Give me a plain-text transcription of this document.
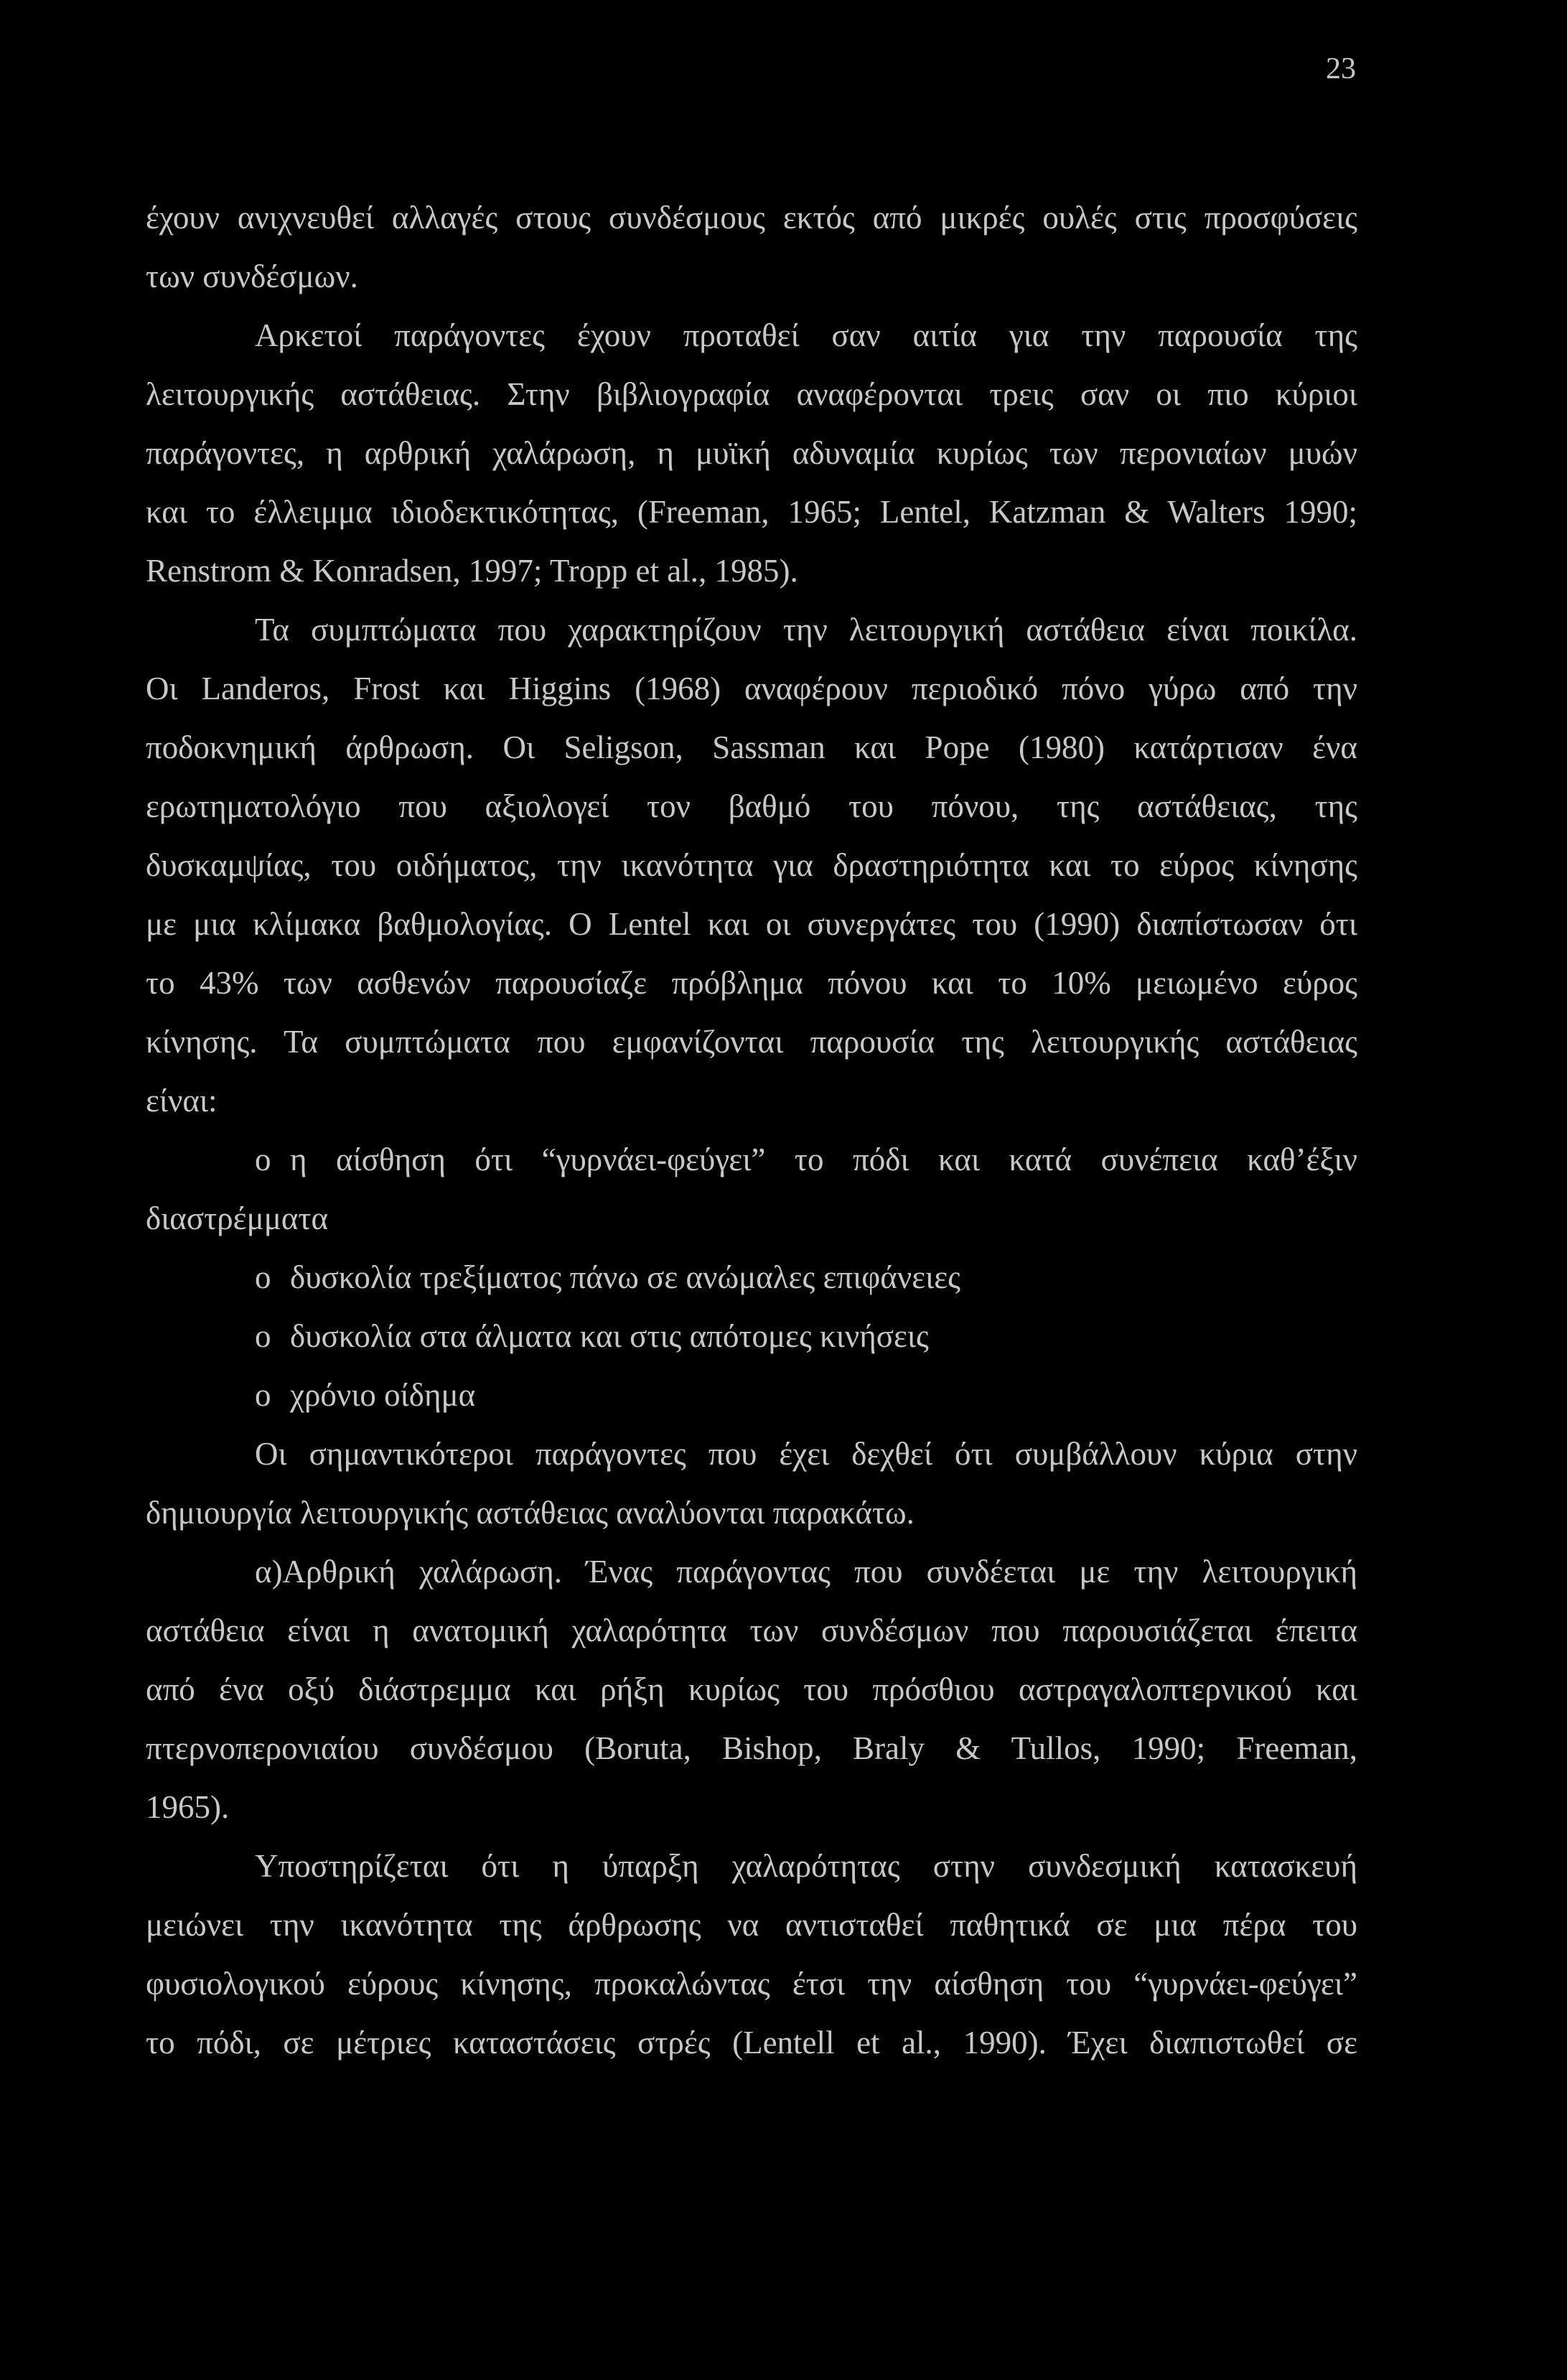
23
έχουν ανιχνευθεί αλλαγές στους συνδέσμους εκτός από μικρές ουλές στις προσφύσεις
των συνδέσμων.
Αρκετοί παράγοντες έχουν προταθεί σαν αιτία για την παρουσία της
λειτουργικής αστάθειας. Στην βιβλιογραφία αναφέρονται τρεις σαν οι πιο κύριοι
παράγοντες, η αρθρική χαλάρωση, η μυϊκή αδυναμία κυρίως των περονιαίων μυών
και το έλλειμμα ιδιοδεκτικότητας, (Freeman, 1965; Lentel, Katzman & Walters 1990;
Renstrom & Konradsen, 1997; Tropp et al., 1985).
Τα συμπτώματα που χαρακτηρίζουν την λειτουργική αστάθεια είναι ποικίλα.
Οι Landeros, Frost και Higgins (1968) αναφέρουν περιοδικό πόνο γύρω από την
ποδοκνημική άρθρωση. Οι Seligson, Sassman και Pope (1980) κατάρτισαν ένα
ερωτηματολόγιο που αξιολογεί τον βαθμό του πόνου, της αστάθειας, της
δυσκαμψίας, του οιδήματος, την ικανότητα για δραστηριότητα και το εύρος κίνησης
με μια κλίμακα βαθμολογίας. Ο Lentel και οι συνεργάτες του (1990) διαπίστωσαν ότι
το 43% των ασθενών παρουσίαζε πρόβλημα πόνου και το 10% μειωμένο εύρος
κίνησης. Τα συμπτώματα που εμφανίζονται παρουσία της λειτουργικής αστάθειας
είναι:
o η αίσθηση ότι “γυρνάει-φεύγει” το πόδι και κατά συνέπεια καθ’έξιν
διαστρέμματα
o δυσκολία τρεξίματος πάνω σε ανώμαλες επιφάνειες
o δυσκολία στα άλματα και στις απότομες κινήσεις
o χρόνιο οίδημα
Οι σημαντικότεροι παράγοντες που έχει δεχθεί ότι συμβάλλουν κύρια στην
δημιουργία λειτουργικής αστάθειας αναλύονται παρακάτω.
α)Αρθρική χαλάρωση. Ένας παράγοντας που συνδέεται με την λειτουργική
αστάθεια είναι η ανατομική χαλαρότητα των συνδέσμων που παρουσιάζεται έπειτα
από ένα οξύ διάστρεμμα και ρήξη κυρίως του πρόσθιου αστραγαλοπτερνικού και
πτερνοπερονιαίου συνδέσμου (Boruta, Bishop, Braly & Tullos, 1990; Freeman,
1965).
Υποστηρίζεται ότι η ύπαρξη χαλαρότητας στην συνδεσμική κατασκευή
μειώνει την ικανότητα της άρθρωσης να αντισταθεί παθητικά σε μια πέρα του
φυσιολογικού εύρους κίνησης, προκαλώντας έτσι την αίσθηση του “γυρνάει-φεύγει”
το πόδι, σε μέτριες καταστάσεις στρές (Lentell et al., 1990). Έχει διαπιστωθεί σε
